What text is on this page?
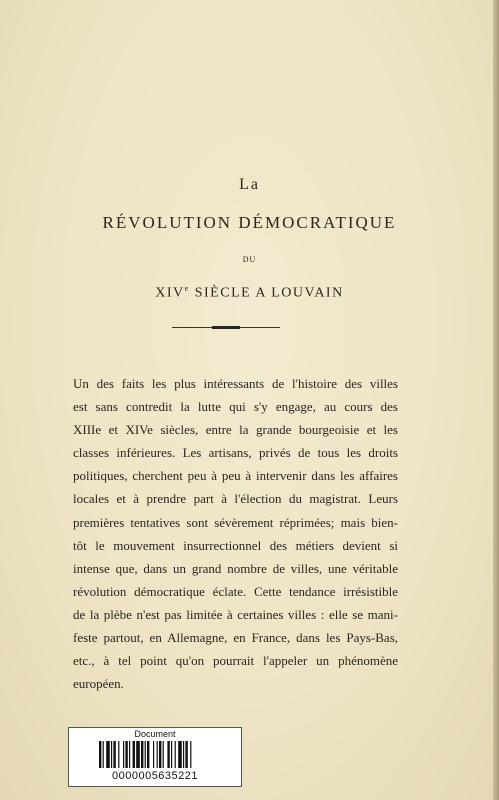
La
RÉVOLUTION DÉMOCRATIQUE
DU
XIVe SIÈCLE A LOUVAIN
Un des faits les plus intéressants de l'histoire des villes
est sans contredit la lutte qui s'y engage, au cours des
XIIIe et XIVe siècles, entre la grande bourgeoisie et les
classes inférieures. Les artisans, privés de tous les droits
politiques, cherchent peu à peu à intervenir dans les affaires
locales et à prendre part à l'élection du magistrat. Leurs
premières tentatives sont sévèrement réprimées; mais bien-
tôt le mouvement insurrectionnel des métiers devient si
intense que, dans un grand nombre de villes, une véritable
révolution démocratique éclate. Cette tendance irrésistible
de la plèbe n'est pas limitée à certaines villes : elle se mani-
feste partout, en Allemagne, en France, dans les Pays-Bas,
etc., à tel point qu'on pourrait l'appeler un phénomène
européen.
Document
0000005635221
